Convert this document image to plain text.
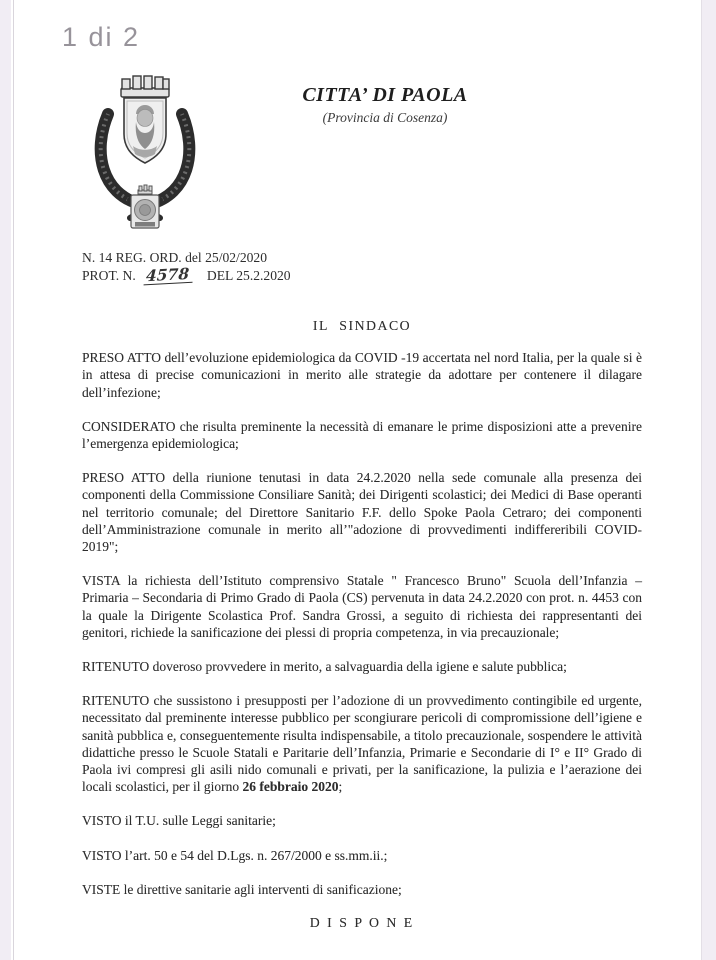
1 di 2
CITTA’ DI PAOLA
(Provincia di Cosenza)
N. 14 REG. ORD. del 25/02/2020
PROT. N. 4578 DEL 25.2.2020
IL SINDACO

PRESO ATTO dell’evoluzione epidemiologica da COVID -19 accertata nel nord Italia, per la quale si è in attesa di precise comunicazioni in merito alle strategie da adottare per contenere il dilagare dell’infezione;

CONSIDERATO che risulta preminente la necessità di emanare le prime disposizioni atte a prevenire l’emergenza epidemiologica;

PRESO ATTO della riunione tenutasi in data 24.2.2020 nella sede comunale alla presenza dei componenti della Commissione Consiliare Sanità; dei Dirigenti scolastici; dei Medici di Base operanti nel territorio comunale; del Direttore Sanitario F.F. dello Spoke Paola Cetraro; dei componenti dell’Amministrazione comunale in merito all’"adozione di provvedimenti indiffereribili COVID-2019";

VISTA la richiesta dell’Istituto comprensivo Statale " Francesco Bruno" Scuola dell’Infanzia – Primaria – Secondaria di Primo Grado di Paola (CS) pervenuta in data 24.2.2020 con prot. n. 4453 con la quale la Dirigente Scolastica Prof. Sandra Grossi, a seguito di richiesta dei rappresentanti dei genitori, richiede la sanificazione dei plessi di propria competenza, in via precauzionale;

RITENUTO doveroso provvedere in merito, a salvaguardia della igiene e salute pubblica;

RITENUTO che sussistono i presupposti per l’adozione di un provvedimento contingibile ed urgente, necessitato dal preminente interesse pubblico per scongiurare pericoli di compromissione dell’igiene e sanità pubblica e, conseguentemente risulta indispensabile, a titolo precauzionale, sospendere le attività didattiche presso le Scuole Statali e Paritarie dell’Infanzia, Primarie e Secondarie di I° e II° Grado di Paola ivi compresi gli asili nido comunali e privati, per la sanificazione, la pulizia e l’aerazione dei locali scolastici, per il giorno 26 febbraio 2020;

VISTO il T.U. sulle Leggi sanitarie;

VISTO l’art. 50 e 54 del D.Lgs. n. 267/2000 e ss.mm.ii.;

VISTE le direttive sanitarie agli interventi di sanificazione;

D I S P O N E
